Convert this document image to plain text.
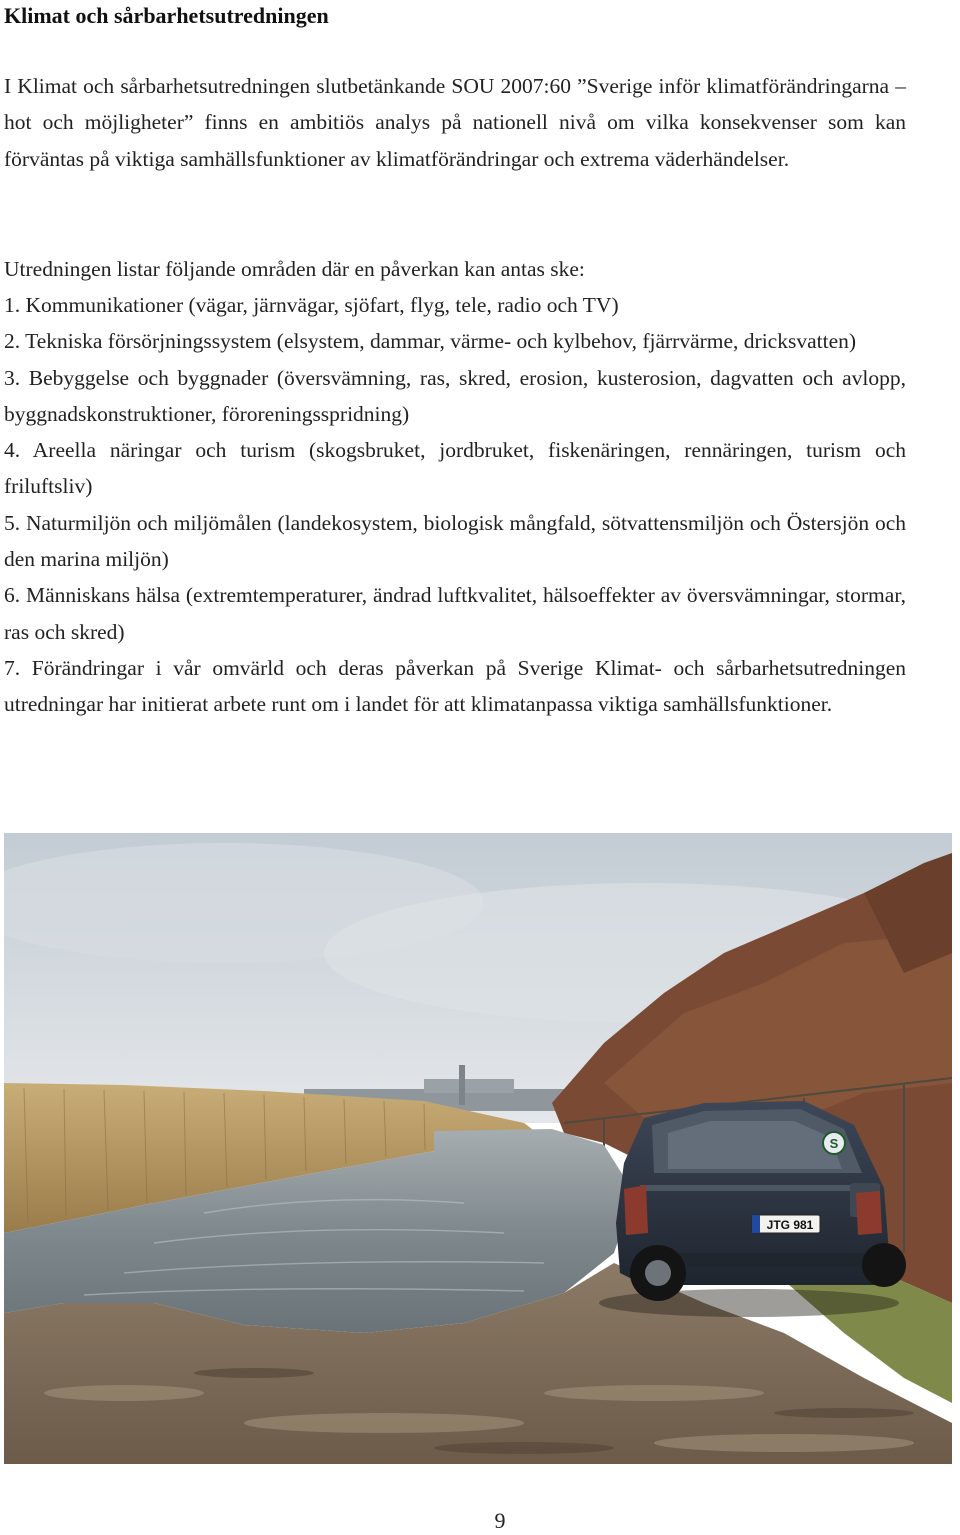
Klimat och sårbarhetsutredningen

I Klimat och sårbarhetsutredningen slutbetänkande SOU 2007:60 ”Sverige inför klimatförändringarna – hot och möjligheter” finns en ambitiös analys på nationell nivå om vilka konsekvenser som kan förväntas på viktiga samhällsfunktioner av klimatförändringar och extrema väderhändelser.

Utredningen listar följande områden där en påverkan kan antas ske:

1. Kommunikationer (vägar, järnvägar, sjöfart, flyg, tele, radio och TV)
2. Tekniska försörjningssystem (elsystem, dammar, värme- och kylbehov, fjärrvärme, dricksvatten)
3. Bebyggelse och byggnader (översvämning, ras, skred, erosion, kusterosion, dagvatten och avlopp, byggnadskonstruktioner, föroreningsspridning)
4. Areella näringar och turism (skogsbruket, jordbruket, fiskenäringen, rennäringen, turism och friluftsliv)
5. Naturmiljön och miljömålen (landekosystem, biologisk mångfald, sötvattensmiljön och Östersjön och den marina miljön)
6. Människans hälsa (extremtemperaturer, ändrad luftkvalitet, hälsoeffekter av översvämningar, stormar, ras och skred)
7. Förändringar i vår omvärld och deras påverkan på Sverige Klimat- och sårbarhetsutredningen utredningar har initierat arbete runt om i landet för att klimatanpassa viktiga samhällsfunktioner.
S
JTG 981
9
